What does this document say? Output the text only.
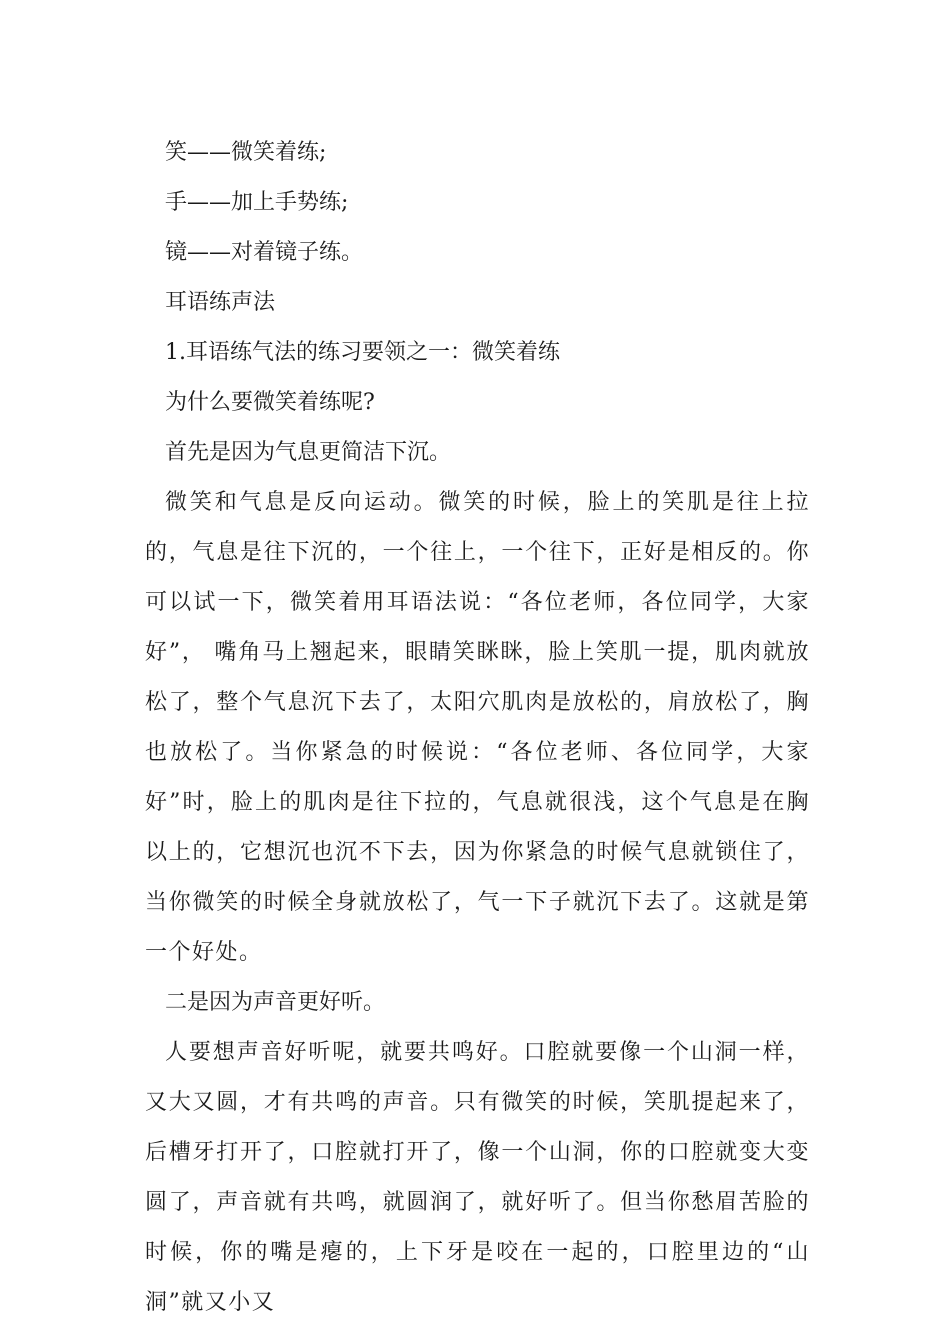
笑——微笑着练;
手——加上手势练;
镜——对着镜子练。
耳语练声法
1.耳语练气法的练习要领之一：微笑着练
为什么要微笑着练呢?
首先是因为气息更简洁下沉。

微笑和气息是反向运动。微笑的时候，脸上的笑肌是往上拉的，气息是往下沉的，一个往上，一个往下，正好是相反的。你可以试一下，微笑着用耳语法说：“各位老师，各位同学，大家好”， 嘴角马上翘起来，眼睛笑眯眯，脸上笑肌一提，肌肉就放松了，整个气息沉下去了，太阳穴肌肉是放松的，肩放松了，胸也放松了。当你紧急的时候说：“各位老师、各位同学，大家好”时，脸上的肌肉是往下拉的，气息就很浅，这个气息是在胸以上的，它想沉也沉不下去，因为你紧急的时候气息就锁住了，当你微笑的时候全身就放松了，气一下子就沉下去了。这就是第一个好处。

二是因为声音更好听。

人要想声音好听呢，就要共鸣好。口腔就要像一个山洞一样，又大又圆，才有共鸣的声音。只有微笑的时候，笑肌提起来了，后槽牙打开了，口腔就打开了，像一个山洞，你的口腔就变大变圆了，声音就有共鸣，就圆润了，就好听了。但当你愁眉苦脸的时候，你的嘴是瘪的，上下牙是咬在一起的，口腔里边的“山洞”就又小又
